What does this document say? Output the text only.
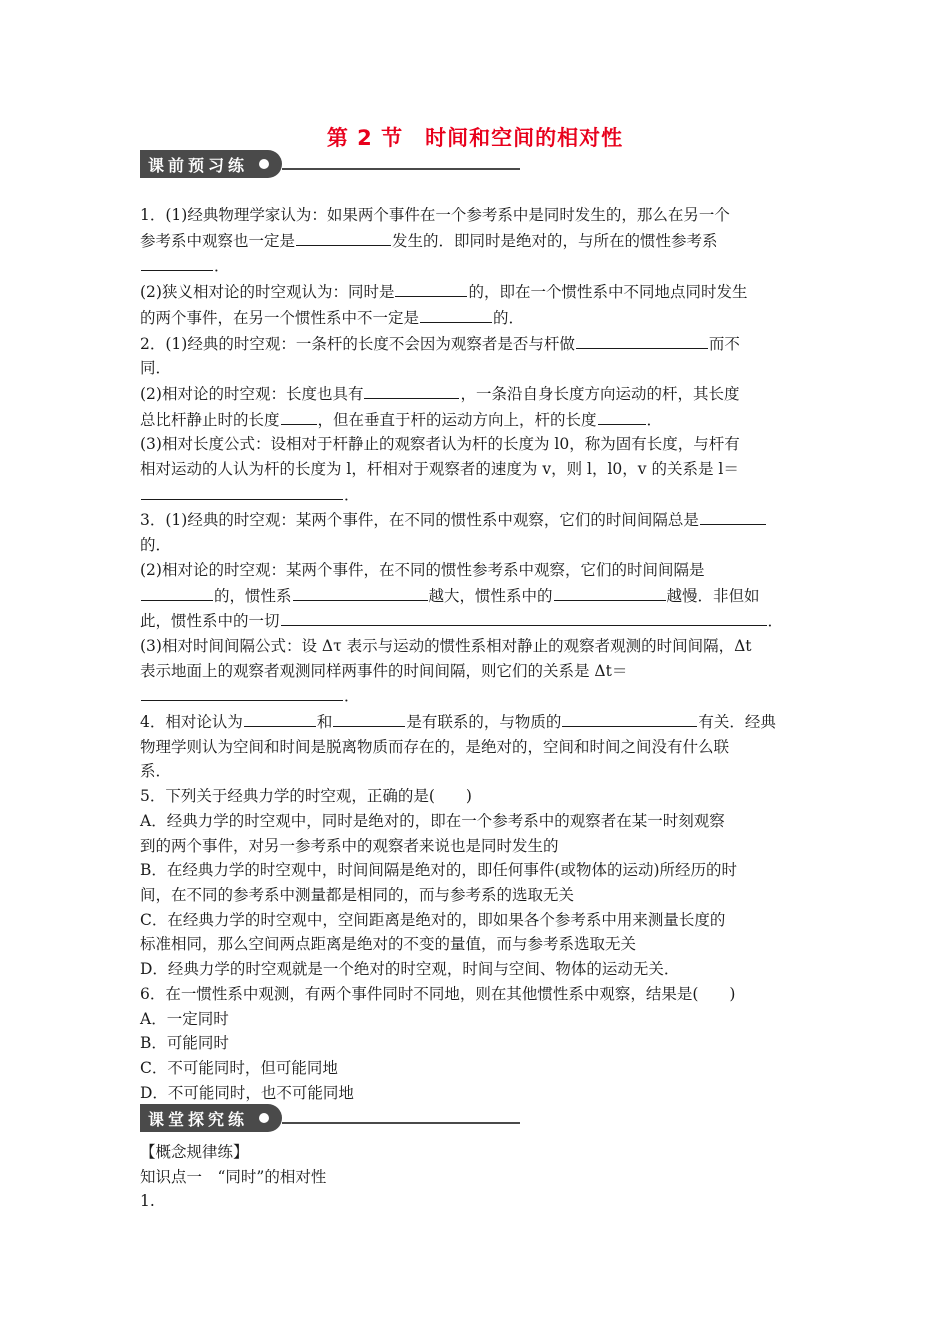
第 2 节　时间和空间的相对性
课前预习练

1．(1)经典物理学家认为：如果两个事件在一个参考系中是同时发生的，那么在另一个

参考系中观察也一定是	发生的．即同时是绝对的，与所在的惯性参考系

．

(2)狭义相对论的时空观认为：同时是	的，即在一个惯性系中不同地点同时发生

的两个事件，在另一个惯性系中不一定是	的．

2．(1)经典的时空观：一条杆的长度不会因为观察者是否与杆做	而不

同．

(2)相对论的时空观：长度也具有	，一条沿自身长度方向运动的杆，其长度

总比杆静止时的长度 ，但在垂直于杆的运动方向上，杆的长度	．

(3)相对长度公式：设相对于杆静止的观察者认为杆的长度为 l0，称为固有长度，与杆有

相对运动的人认为杆的长度为 l，杆相对于观察者的速度为 v，则 l，l0，v 的关系是 l＝

．

3．(1)经典的时空观：某两个事件，在不同的惯性系中观察，它们的时间间隔总是

的．

(2)相对论的时空观：某两个事件，在不同的惯性参考系中观察，它们的时间间隔是

的，惯性系	越大，惯性系中的	越慢．非但如

此，惯性系中的一切	．

(3)相对时间间隔公式：设 Δτ 表示与运动的惯性系相对静止的观察者观测的时间间隔，Δt

表示地面上的观察者观测同样两事件的时间间隔，则它们的关系是 Δt＝

．

4．相对论认为	和	是有联系的，与物质的	有关．经典

物理学则认为空间和时间是脱离物质而存在的，是绝对的，空间和时间之间没有什么联

系．

5．下列关于经典力学的时空观，正确的是(　　)

A．经典力学的时空观中，同时是绝对的，即在一个参考系中的观察者在某一时刻观察

到的两个事件，对另一参考系中的观察者来说也是同时发生的

B．在经典力学的时空观中，时间间隔是绝对的，即任何事件(或物体的运动)所经历的时

间，在不同的参考系中测量都是相同的，而与参考系的选取无关

C．在经典力学的时空观中，空间距离是绝对的，即如果各个参考系中用来测量长度的

标准相同，那么空间两点距离是绝对的不变的量值，而与参考系选取无关

D．经典力学的时空观就是一个绝对的时空观，时间与空间、物体的运动无关．

6．在一惯性系中观测，有两个事件同时不同地，则在其他惯性系中观察，结果是(　　)

A．一定同时

B．可能同时

C．不可能同时，但可能同地

D．不可能同时，也不可能同地

课堂探究练

【概念规律练】

知识点一　“同时”的相对性

1.
